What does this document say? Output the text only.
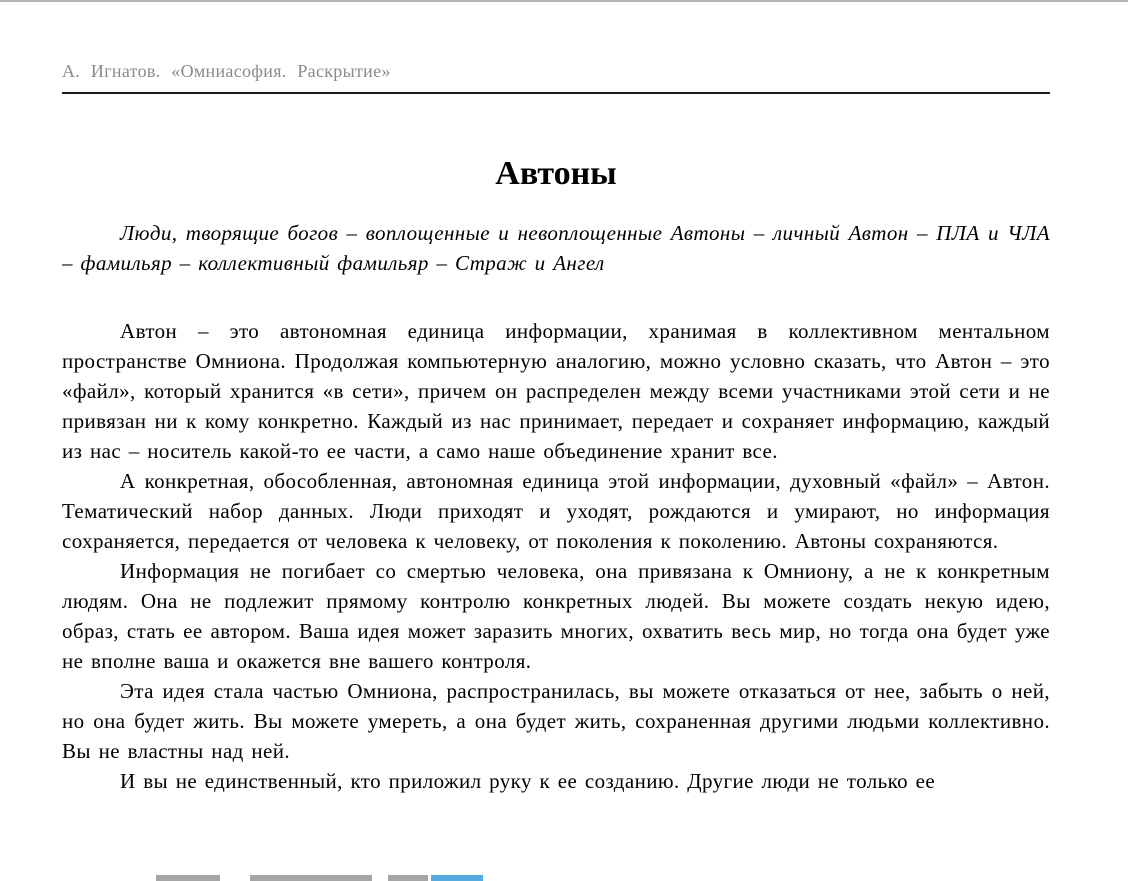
А. Игнатов. «Омниасофия. Раскрытие»
Автоны

Люди, творящие богов – воплощенные и невоплощенные Автоны – личный Автон – ПЛА и ЧЛА – фамильяр – коллективный фамильяр – Страж и Ангел

Автон – это автономная единица информации, хранимая в коллективном ментальном пространстве Омниона. Продолжая компьютерную аналогию, можно условно сказать, что Автон – это «файл», который хранится «в сети», причем он распределен между всеми участниками этой сети и не привязан ни к кому конкретно. Каждый из нас принимает, передает и сохраняет информацию, каждый из нас – носитель какой-то ее части, а само наше объединение хранит все.

А конкретная, обособленная, автономная единица этой информации, духовный «файл» – Автон. Тематический набор данных. Люди приходят и уходят, рождаются и умирают, но информация сохраняется, передается от человека к человеку, от поколения к поколению. Автоны сохраняются.

Информация не погибает со смертью человека, она привязана к Омниону, а не к конкретным людям. Она не подлежит прямому контролю конкретных людей. Вы можете создать некую идею, образ, стать ее автором. Ваша идея может заразить многих, охватить весь мир, но тогда она будет уже не вполне ваша и окажется вне вашего контроля.

Эта идея стала частью Омниона, распространилась, вы можете отказаться от нее, забыть о ней, но она будет жить. Вы можете умереть, а она будет жить, сохраненная другими людьми коллективно. Вы не властны над ней.

И вы не единственный, кто приложил руку к ее созданию. Другие люди не только ее
